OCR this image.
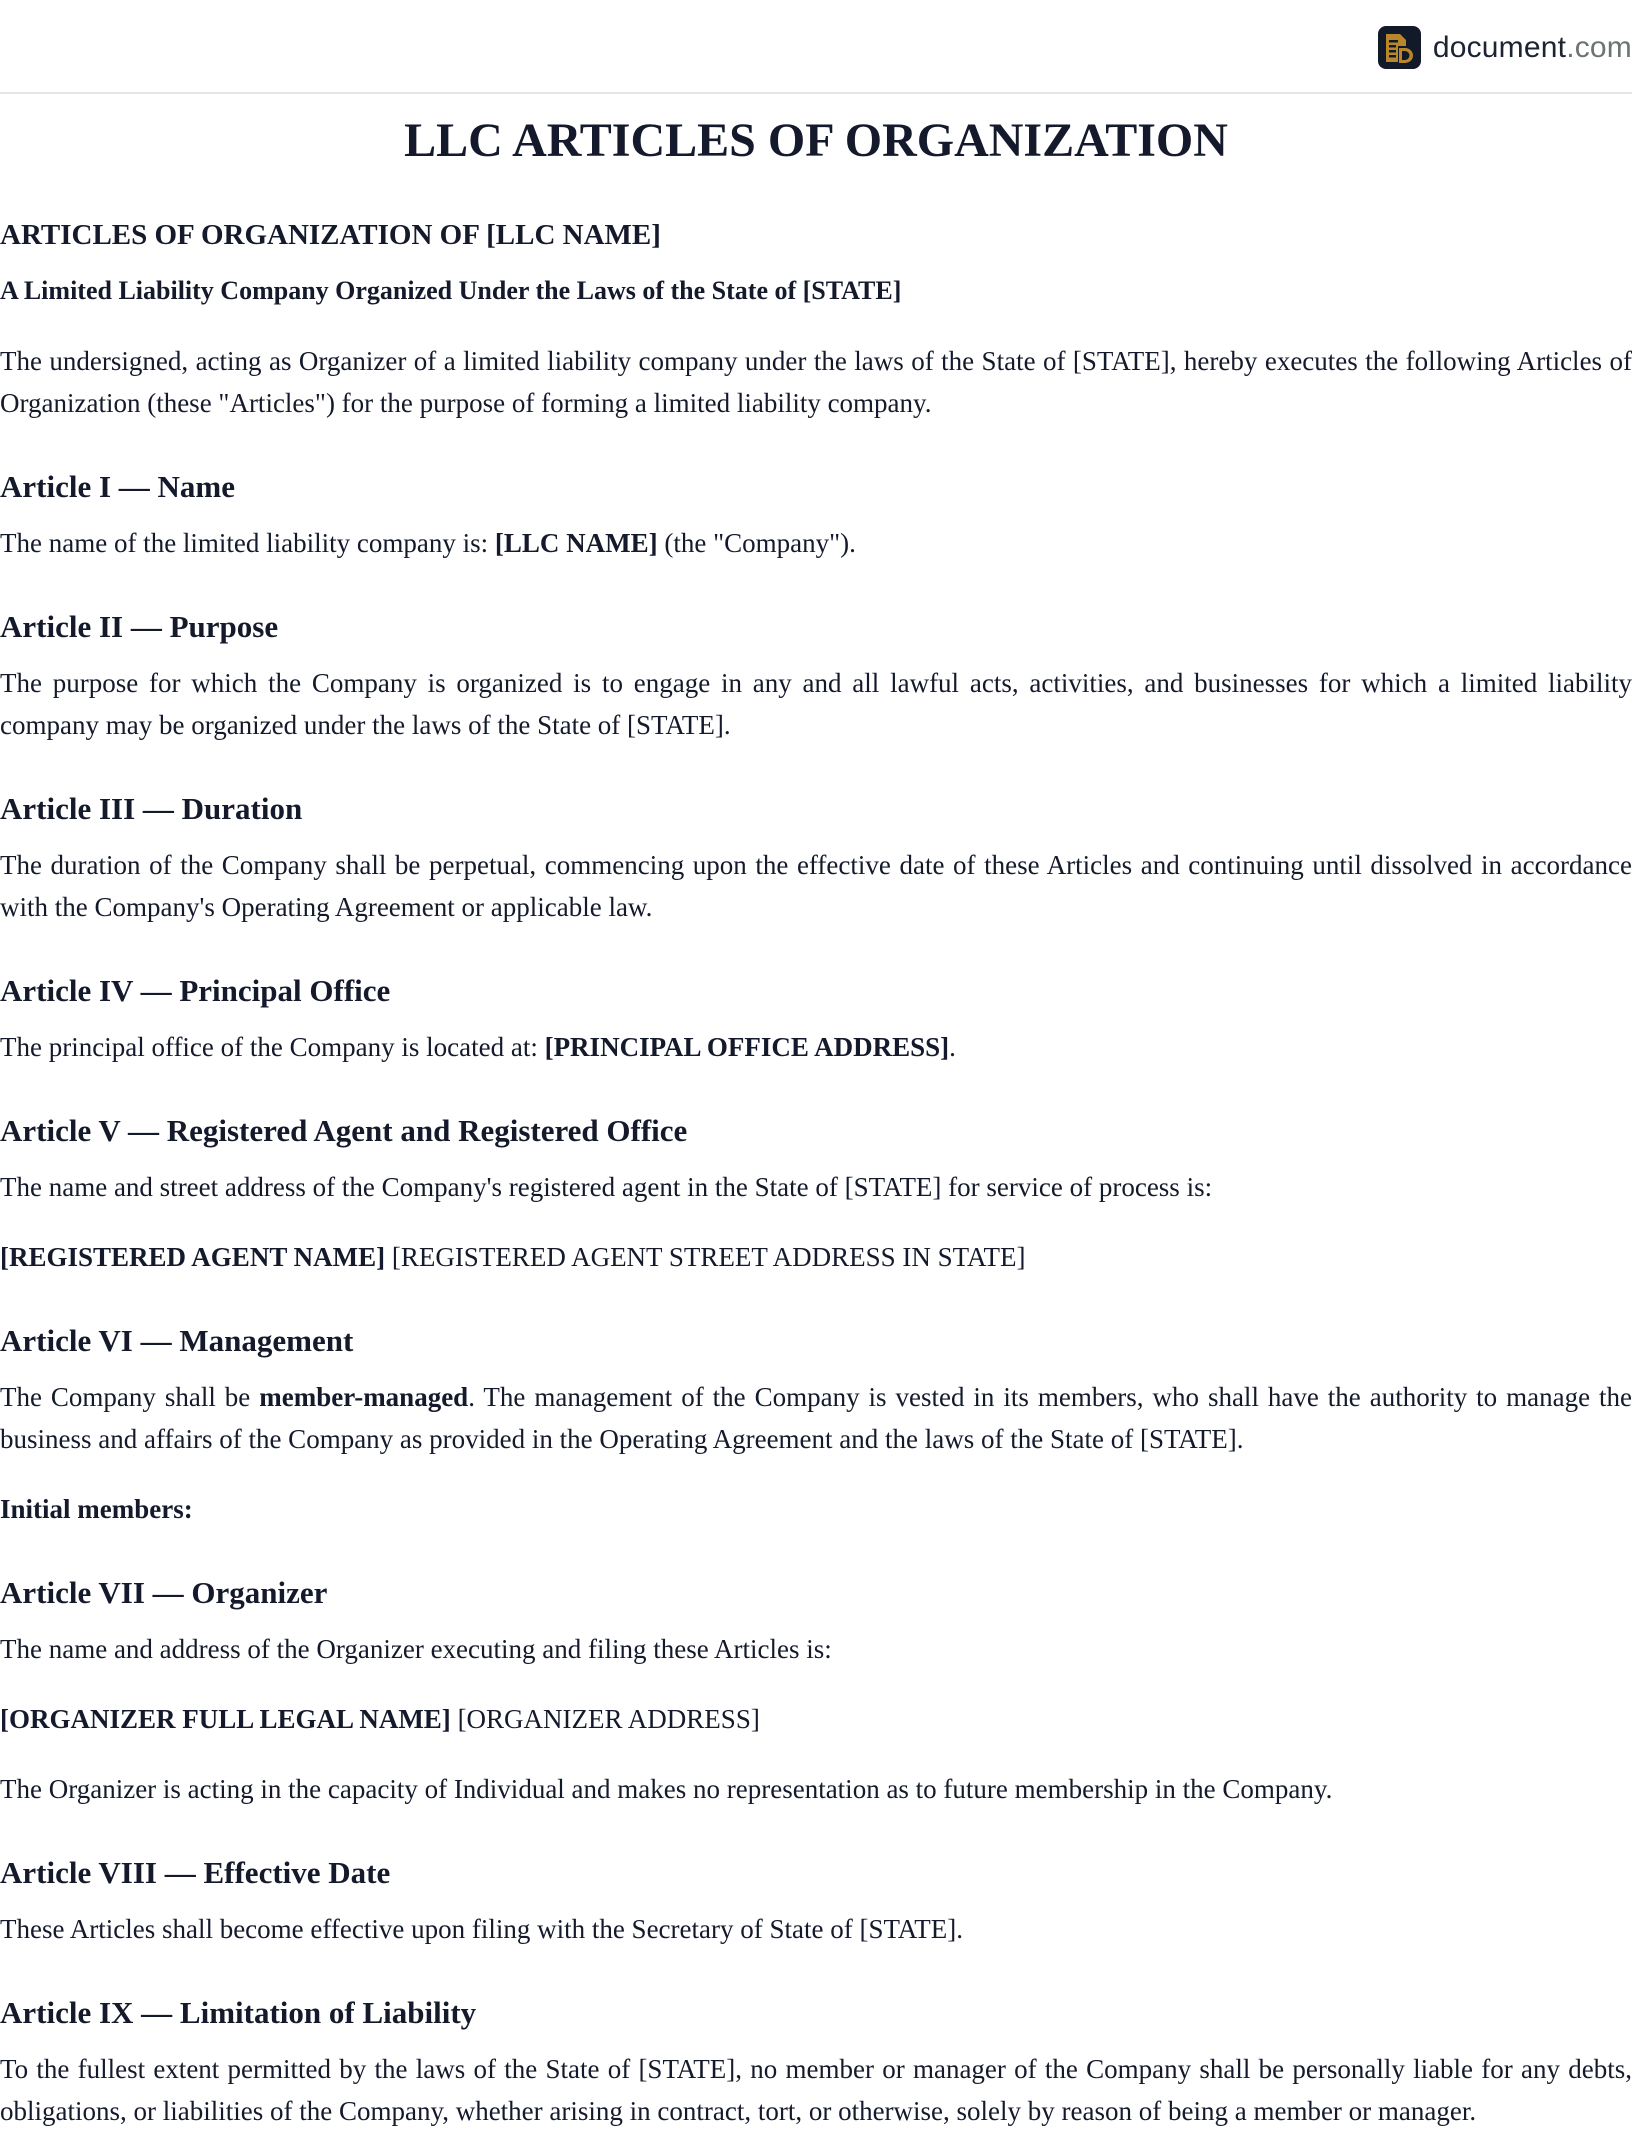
document.com
LLC ARTICLES OF ORGANIZATION
ARTICLES OF ORGANIZATION OF [LLC NAME]
A Limited Liability Company Organized Under the Laws of the State of [STATE]

The undersigned, acting as Organizer of a limited liability company under the laws of the State of [STATE], hereby executes the following Articles of Organization (these "Articles") for the purpose of forming a limited liability company.

Article I — Name

The name of the limited liability company is: [LLC NAME] (the "Company").

Article II — Purpose

The purpose for which the Company is organized is to engage in any and all lawful acts, activities, and businesses for which a limited liability company may be organized under the laws of the State of [STATE].

Article III — Duration

The duration of the Company shall be perpetual, commencing upon the effective date of these Articles and continuing until dissolved in accordance with the Company's Operating Agreement or applicable law.

Article IV — Principal Office

The principal office of the Company is located at: [PRINCIPAL OFFICE ADDRESS].

Article V — Registered Agent and Registered Office

The name and street address of the Company's registered agent in the State of [STATE] for service of process is:

[REGISTERED AGENT NAME] [REGISTERED AGENT STREET ADDRESS IN STATE]

Article VI — Management

The Company shall be member-managed. The management of the Company is vested in its members, who shall have the authority to manage the business and affairs of the Company as provided in the Operating Agreement and the laws of the State of [STATE].

Initial members:

Article VII — Organizer

The name and address of the Organizer executing and filing these Articles is:

[ORGANIZER FULL LEGAL NAME] [ORGANIZER ADDRESS]

The Organizer is acting in the capacity of Individual and makes no representation as to future membership in the Company.

Article VIII — Effective Date

These Articles shall become effective upon filing with the Secretary of State of [STATE].

Article IX — Limitation of Liability

To the fullest extent permitted by the laws of the State of [STATE], no member or manager of the Company shall be personally liable for any debts, obligations, or liabilities of the Company, whether arising in contract, tort, or otherwise, solely by reason of being a member or manager.
